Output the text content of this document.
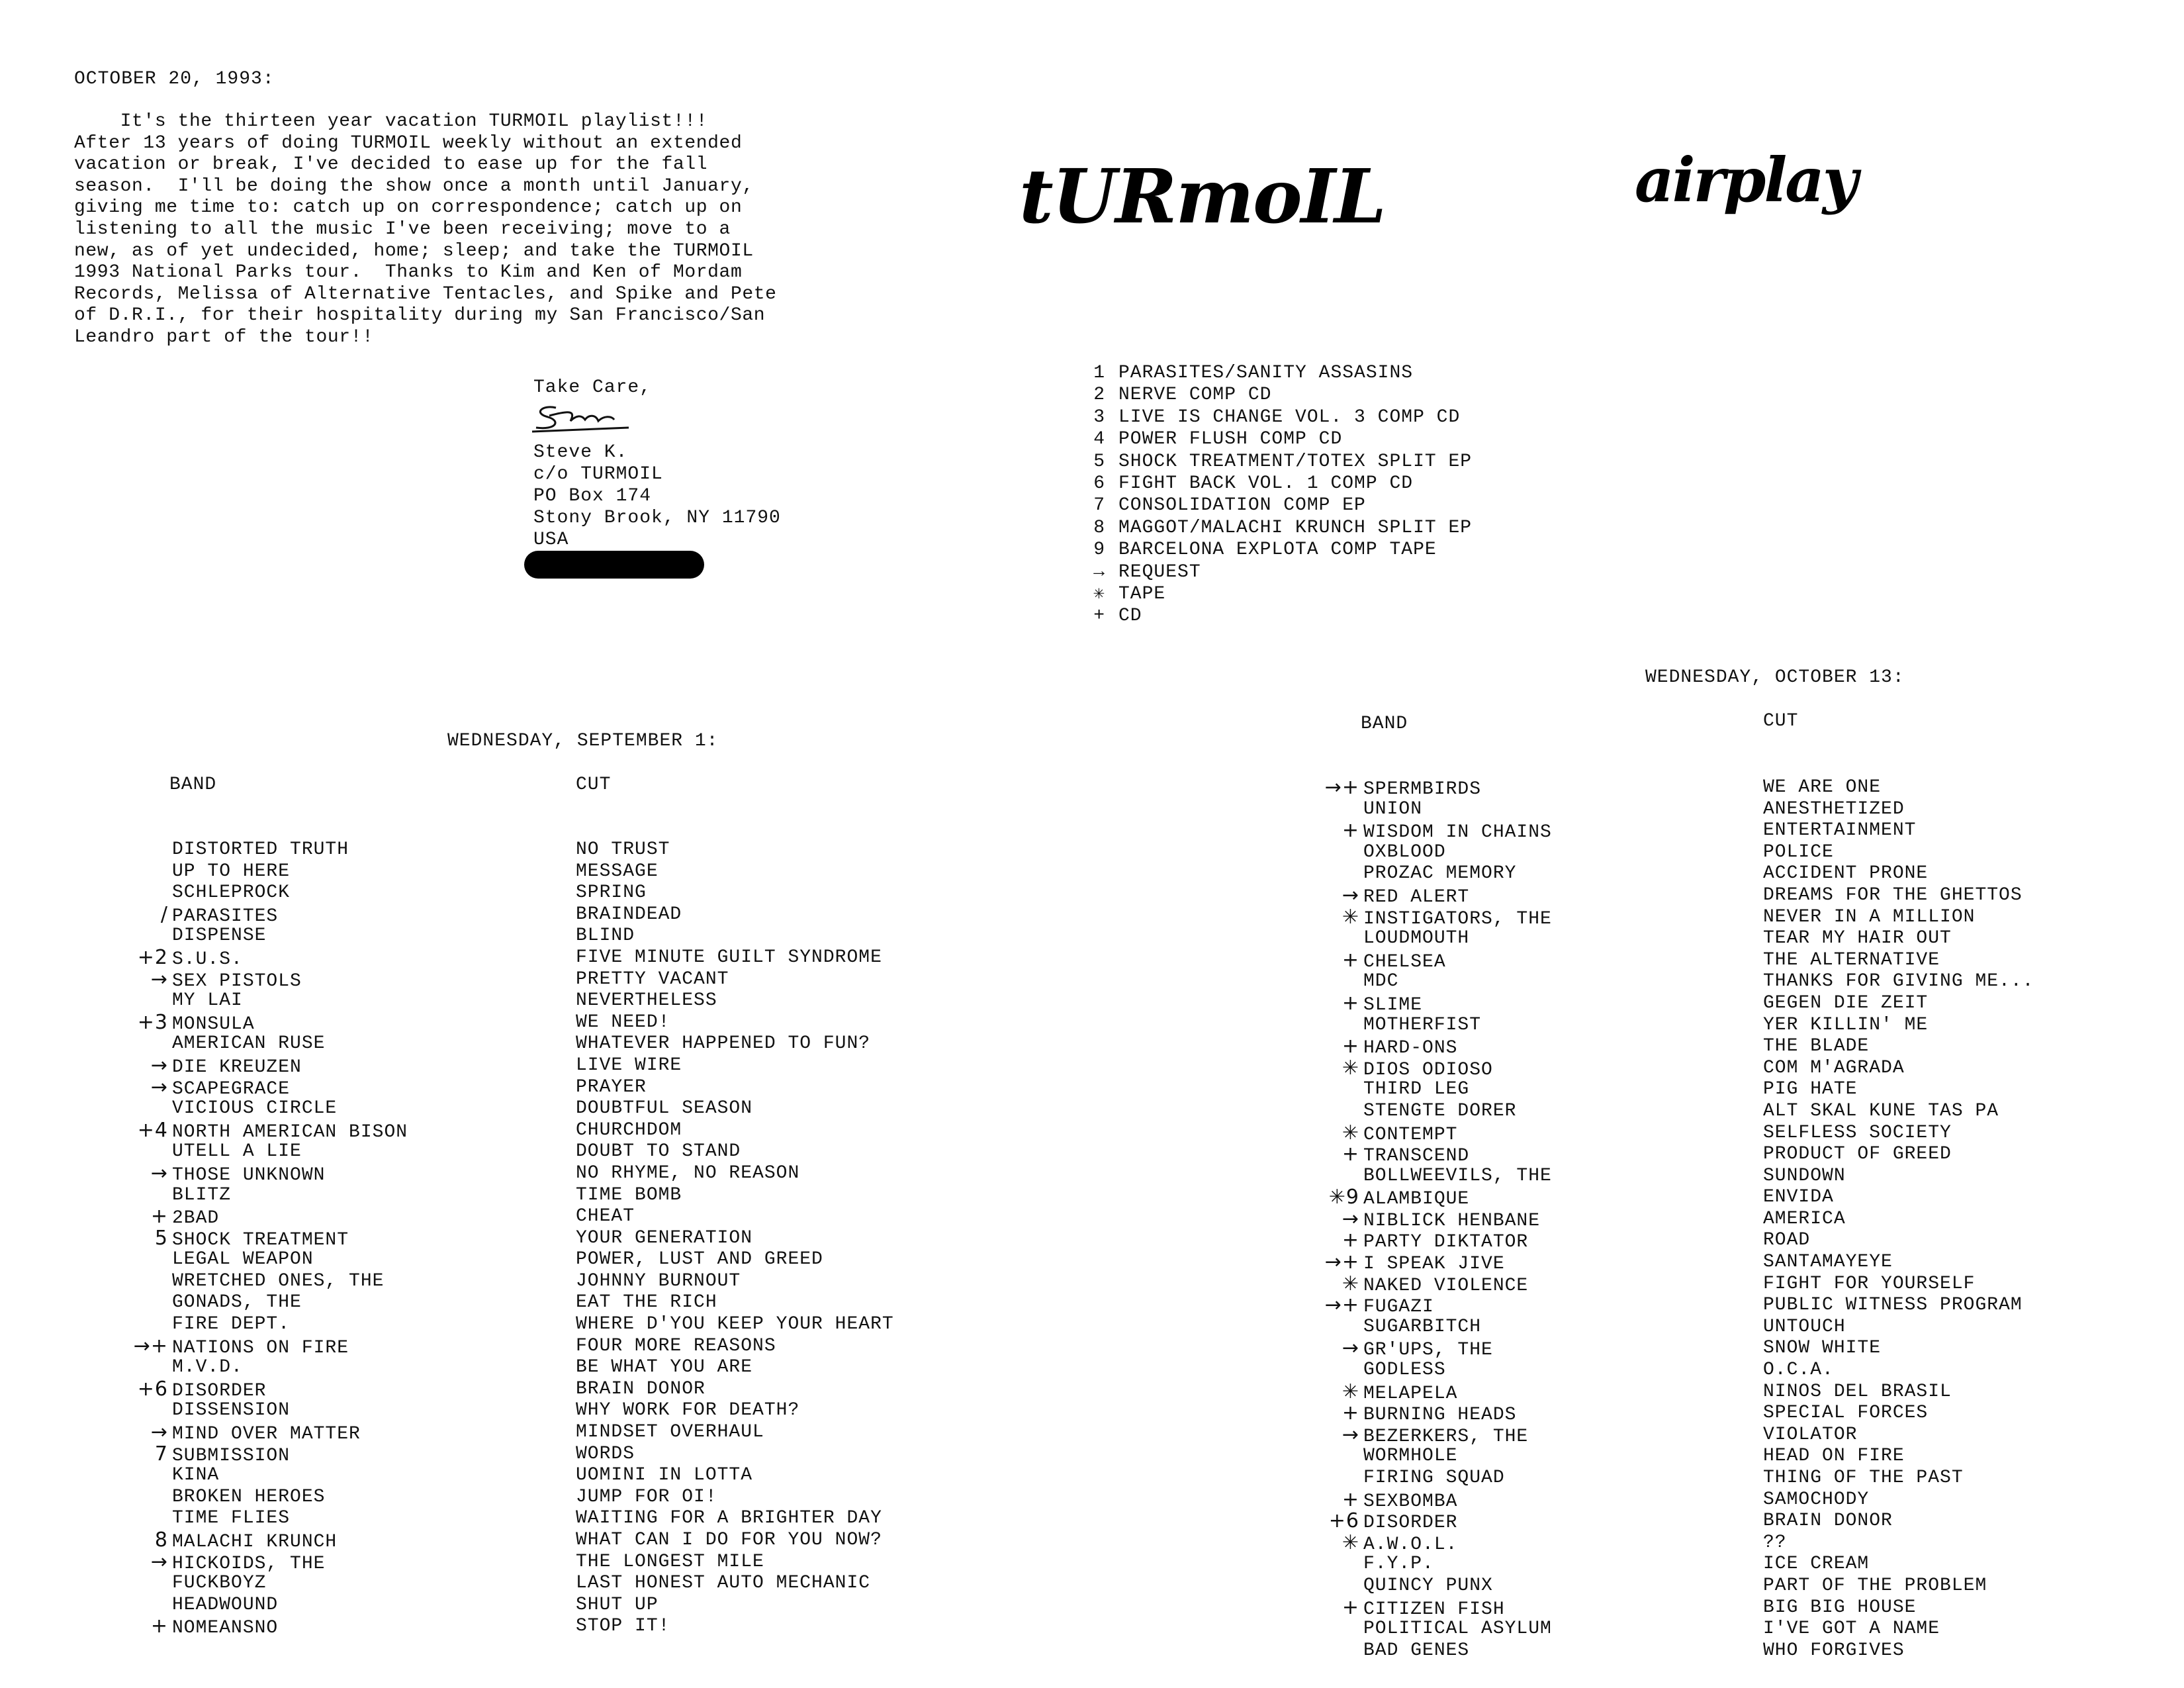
OCTOBER 20, 1993:
It's the thirteen year vacation TURMOIL playlist!!!
After 13 years of doing TURMOIL weekly without an extended
vacation or break, I've decided to ease up for the fall
season.  I'll be doing the show once a month until January,
giving me time to: catch up on correspondence; catch up on
listening to all the music I've been receiving; move to a
new, as of yet undecided, home; sleep; and take the TURMOIL
1993 National Parks tour.  Thanks to Kim and Ken of Mordam
Records, Melissa of Alternative Tentacles, and Spike and Pete
of D.R.I., for their hospitality during my San Francisco/San
Leandro part of the tour!!
Take Care,
Steve K.
c/o TURMOIL
PO Box 174
Stony Brook, NY 11790
USA
tURmoIL	airplay
1 PARASITES/SANITY ASSASINS
2 NERVE COMP CD
3 LIVE IS CHANGE VOL. 3 COMP CD
4 POWER FLUSH COMP CD
5 SHOCK TREATMENT/TOTEX SPLIT EP
6 FIGHT BACK VOL. 1 COMP CD
7 CONSOLIDATION COMP EP
8 MAGGOT/MALACHI KRUNCH SPLIT EP
9 BARCELONA EXPLOTA COMP TAPE
→ REQUEST
✳ TAPE
+ CD
WEDNESDAY, SEPTEMBER 1:
BAND	CUT
DISTORTED TRUTH	NO TRUST
UP TO HERE	MESSAGE
SCHLEPROCK	SPRING
/ PARASITES	BRAINDEAD
DISPENSE	BLIND
+2 S.U.S.	FIVE MINUTE GUILT SYNDROME
→ SEX PISTOLS	PRETTY VACANT
MY LAI	NEVERTHELESS
+3 MONSULA	WE NEED!
AMERICAN RUSE	WHATEVER HAPPENED TO FUN?
→ DIE KREUZEN	LIVE WIRE
→ SCAPEGRACE	PRAYER
VICIOUS CIRCLE	DOUBTFUL SEASON
+4 NORTH AMERICAN BISON	CHURCHDOM
UTELL A LIE	DOUBT TO STAND
→ THOSE UNKNOWN	NO RHYME, NO REASON
BLITZ	TIME BOMB
+ 2BAD	CHEAT
5 SHOCK TREATMENT	YOUR GENERATION
LEGAL WEAPON	POWER, LUST AND GREED
WRETCHED ONES, THE	JOHNNY BURNOUT
GONADS, THE	EAT THE RICH
FIRE DEPT.	WHERE D'YOU KEEP YOUR HEART
→+ NATIONS ON FIRE	FOUR MORE REASONS
M.V.D.	BE WHAT YOU ARE
+6 DISORDER	BRAIN DONOR
DISSENSION	WHY WORK FOR DEATH?
→ MIND OVER MATTER	MINDSET OVERHAUL
7 SUBMISSION	WORDS
KINA	UOMINI IN LOTTA
BROKEN HEROES	JUMP FOR OI!
TIME FLIES	WAITING FOR A BRIGHTER DAY
8 MALACHI KRUNCH	WHAT CAN I DO FOR YOU NOW?
→ HICKOIDS, THE	THE LONGEST MILE
FUCKBOYZ	LAST HONEST AUTO MECHANIC
HEADWOUND	SHUT UP
+ NOMEANSNO	STOP IT!
WEDNESDAY, OCTOBER 13:
BAND	CUT
→+ SPERMBIRDS	WE ARE ONE
UNION	ANESTHETIZED
+ WISDOM IN CHAINS	ENTERTAINMENT
OXBLOOD	POLICE
PROZAC MEMORY	ACCIDENT PRONE
→ RED ALERT	DREAMS FOR THE GHETTOS
✳ INSTIGATORS, THE	NEVER IN A MILLION
LOUDMOUTH	TEAR MY HAIR OUT
+ CHELSEA	THE ALTERNATIVE
MDC	THANKS FOR GIVING ME...
+ SLIME	GEGEN DIE ZEIT
MOTHERFIST	YER KILLIN' ME
+ HARD-ONS	THE BLADE
✳ DIOS ODIOSO	COM M'AGRADA
THIRD LEG	PIG HATE
STENGTE DORER	ALT SKAL KUNE TAS PA
✳ CONTEMPT	SELFLESS SOCIETY
+ TRANSCEND	PRODUCT OF GREED
BOLLWEEVILS, THE	SUNDOWN
✳9 ALAMBIQUE	ENVIDA
→ NIBLICK HENBANE	AMERICA
+ PARTY DIKTATOR	ROAD
→+ I SPEAK JIVE	SANTAMAYEYE
✳ NAKED VIOLENCE	FIGHT FOR YOURSELF
→+ FUGAZI	PUBLIC WITNESS PROGRAM
SUGARBITCH	UNTOUCH
→ GR'UPS, THE	SNOW WHITE
GODLESS	O.C.A.
✳ MELAPELA	NINOS DEL BRASIL
+ BURNING HEADS	SPECIAL FORCES
→ BEZERKERS, THE	VIOLATOR
WORMHOLE	HEAD ON FIRE
FIRING SQUAD	THING OF THE PAST
+ SEXBOMBA	SAMOCHODY
+6 DISORDER	BRAIN DONOR
✳ A.W.O.L.	??
F.Y.P.	ICE CREAM
QUINCY PUNX	PART OF THE PROBLEM
+ CITIZEN FISH	BIG BIG HOUSE
POLITICAL ASYLUM	I'VE GOT A NAME
BAD GENES	WHO FORGIVES
